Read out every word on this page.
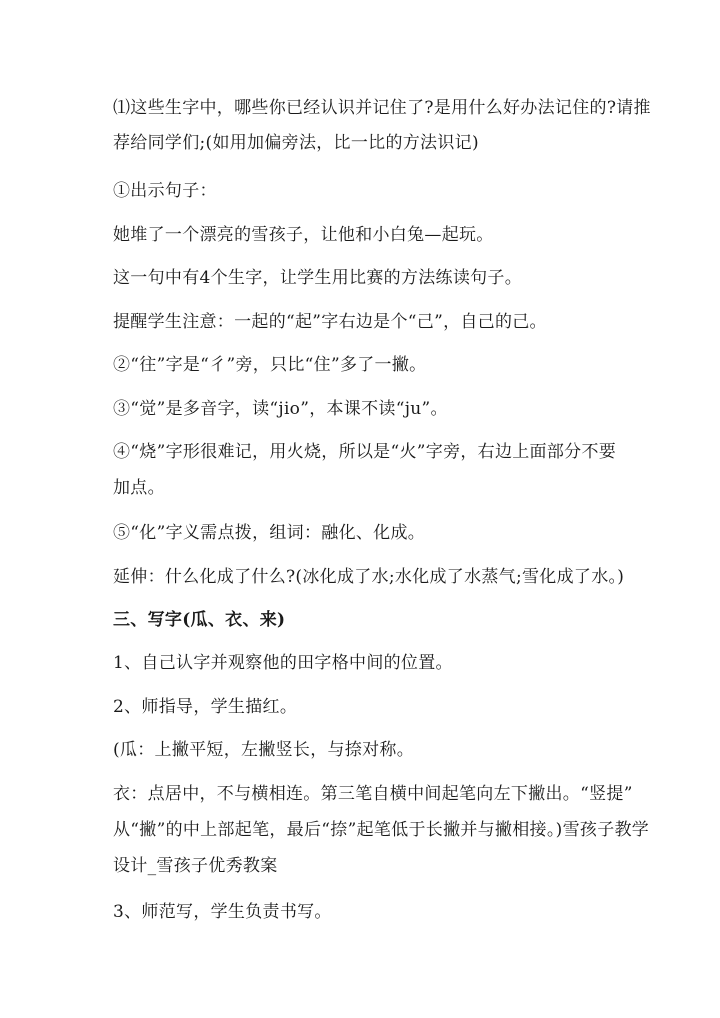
⑴这些生字中，哪些你已经认识并记住了?是用什么好办法记住的?请推
荐给同学们;(如用加偏旁法，比一比的方法识记)
①出示句子：
她堆了一个漂亮的雪孩子，让他和小白兔—起玩。
这一句中有4个生字，让学生用比赛的方法练读句子。
提醒学生注意：一起的“起”字右边是个“己”，自己的己。
②“往”字是“彳”旁，只比“住”多了一撇。
③“觉”是多音字，读“jio”，本课不读“ju”。
④“烧”字形很难记，用火烧，所以是“火”字旁，右边上面部分不要
加点。
⑤“化”字义需点拨，组词：融化、化成。
延伸：什么化成了什么?(冰化成了水;水化成了水蒸气;雪化成了水。)
三、写字(瓜、衣、来)
1、自己认字并观察他的田字格中间的位置。
2、师指导，学生描红。
(瓜：上撇平短，左撇竖长，与捺对称。
衣：点居中，不与横相连。第三笔自横中间起笔向左下撇出。“竖提”
从“撇”的中上部起笔，最后“捺”起笔低于长撇并与撇相接。)雪孩子教学
设计_雪孩子优秀教案
3、师范写，学生负责书写。
